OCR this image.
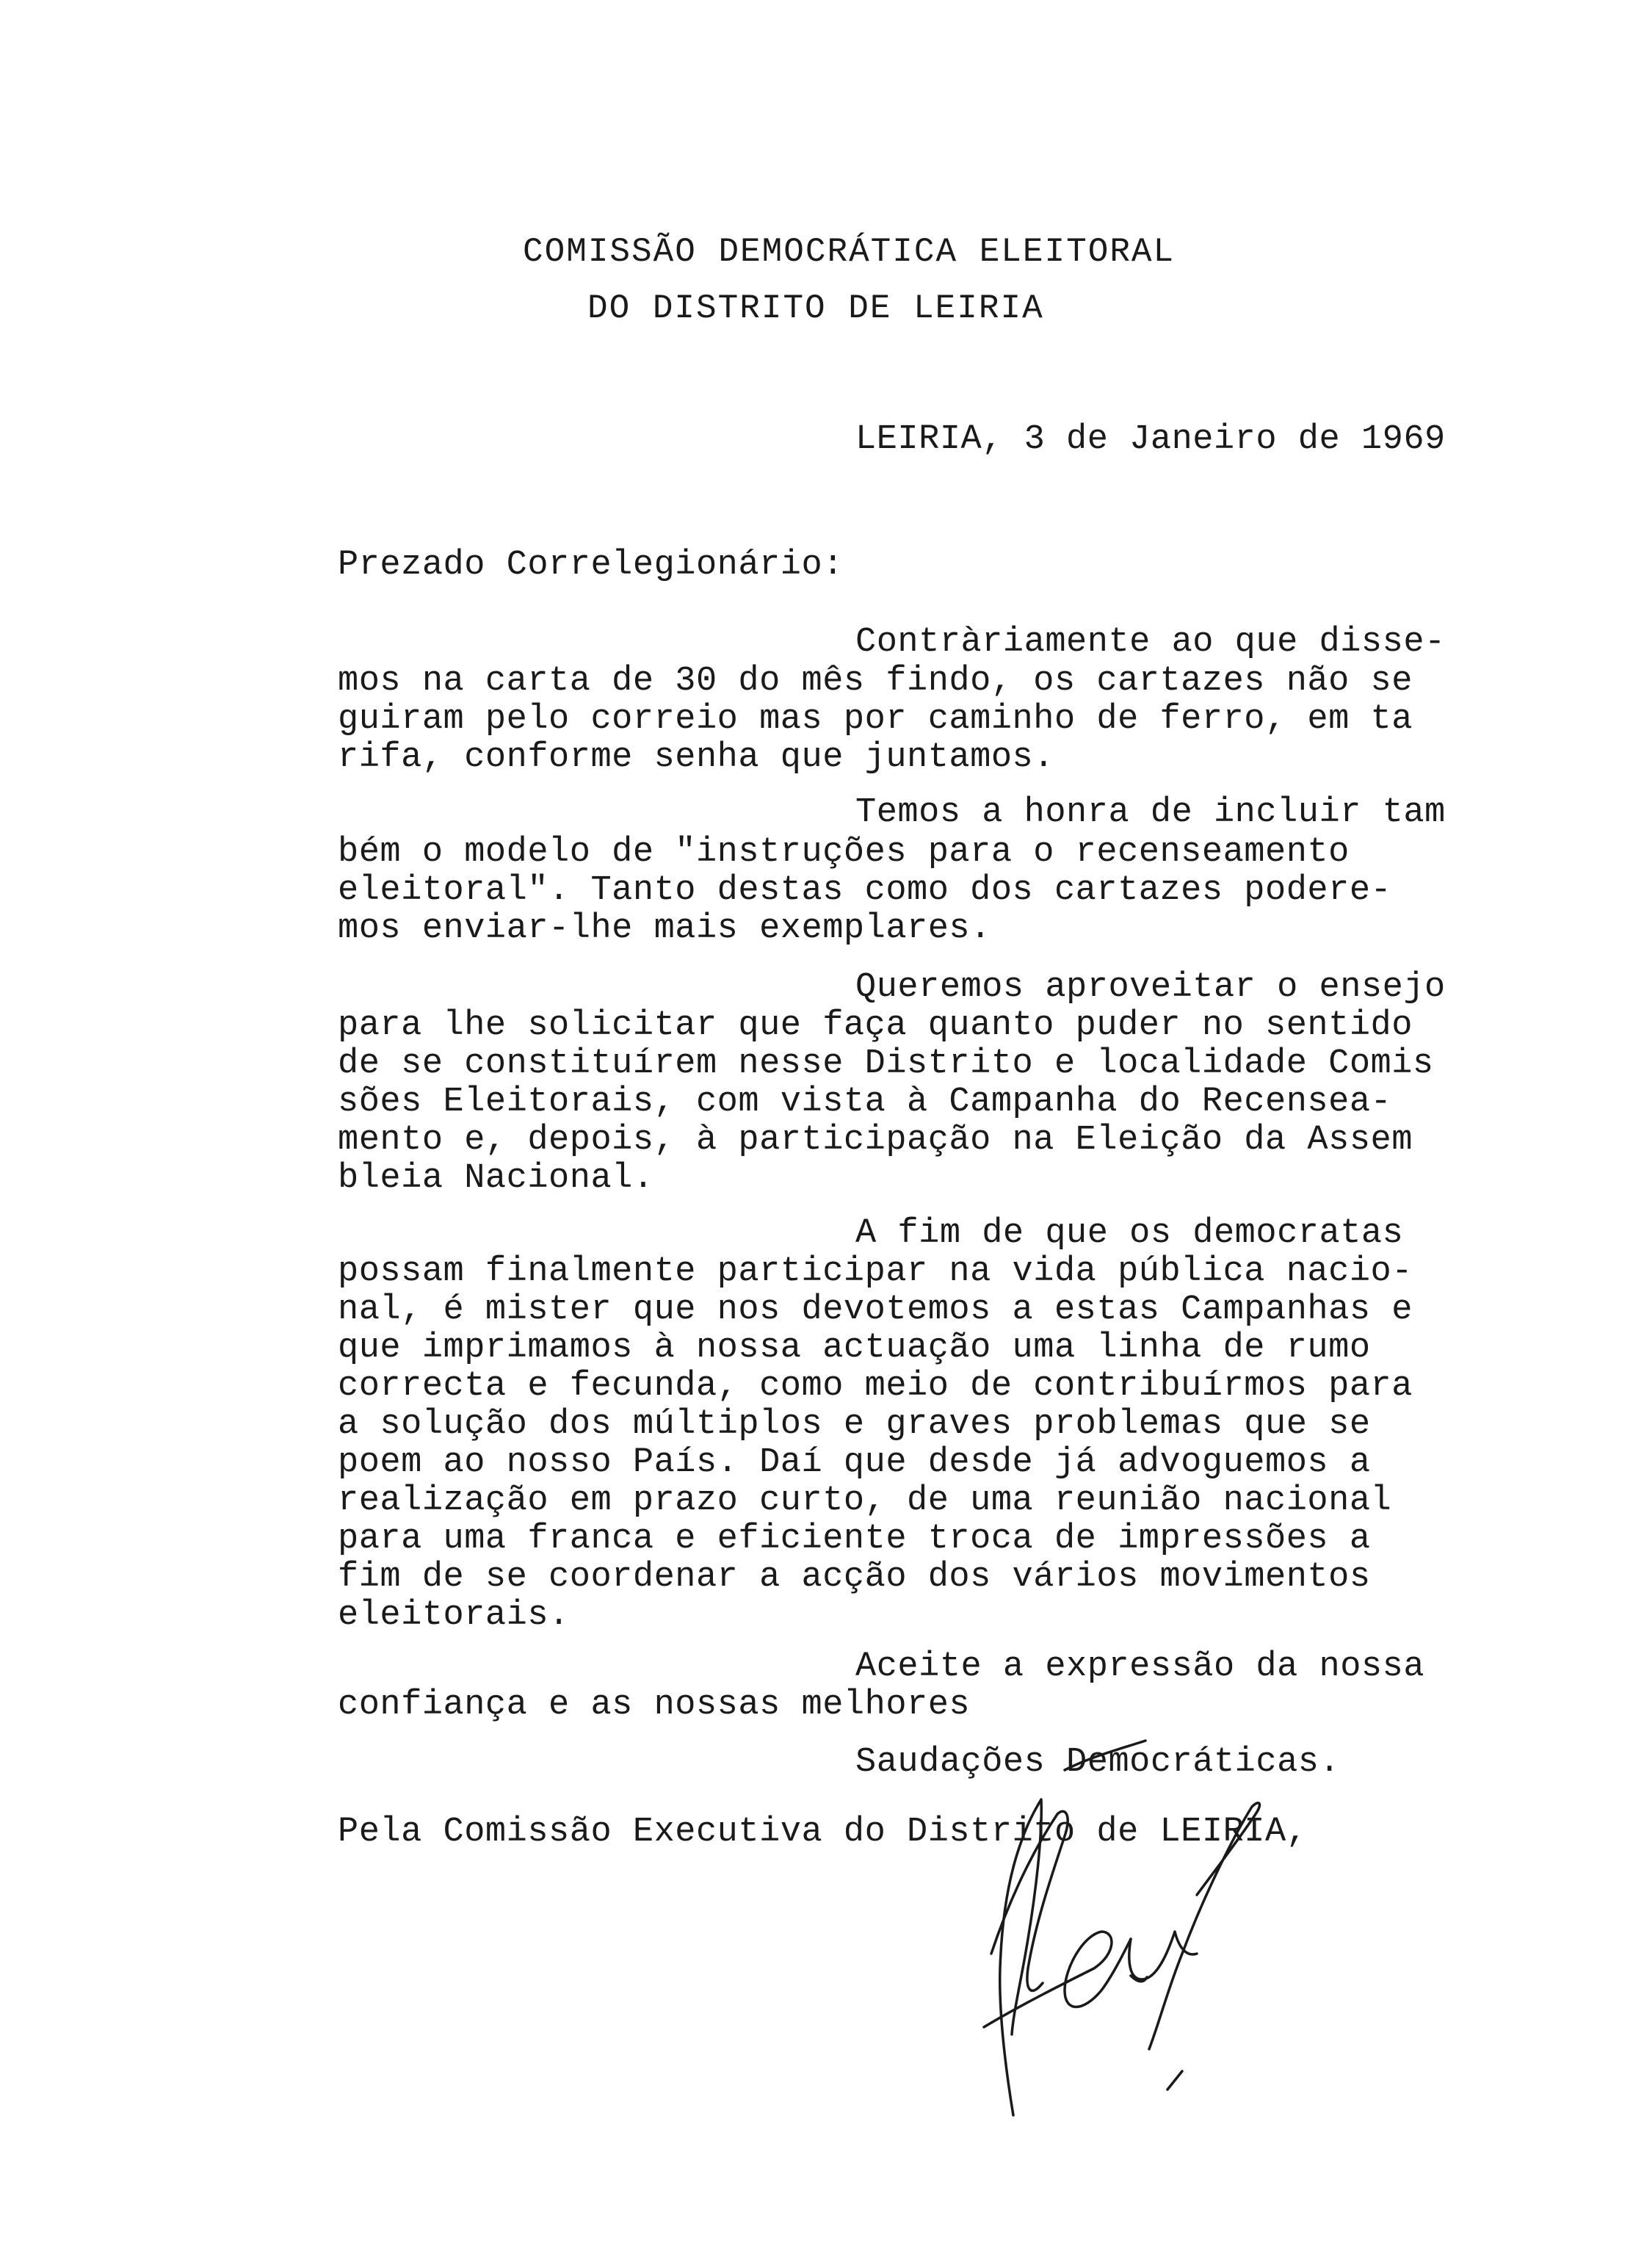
COMISSÃO DEMOCRÁTICA ELEITORAL
DO DISTRITO DE LEIRIA
LEIRIA, 3 de Janeiro de 1969
Prezado Correlegionário:
Contràriamente ao que disse-
mos na carta de 30 do mês findo, os cartazes não se
guiram pelo correio mas por caminho de ferro, em ta
rifa, conforme senha que juntamos.
Temos a honra de incluir tam
bém o modelo de "instruções para o recenseamento
eleitoral". Tanto destas como dos cartazes podere-
mos enviar-lhe mais exemplares.
Queremos aproveitar o ensejo
para lhe solicitar que faça quanto puder no sentido
de se constituírem nesse Distrito e localidade Comis
sões Eleitorais, com vista à Campanha do Recensea-
mento e, depois, à participação na Eleição da Assem
bleia Nacional.
A fim de que os democratas
possam finalmente participar na vida pública nacio-
nal, é mister que nos devotemos a estas Campanhas e
que imprimamos à nossa actuação uma linha de rumo
correcta e fecunda, como meio de contribuírmos para
a solução dos múltiplos e graves problemas que se
poem ao nosso País. Daí que desde já advoguemos a
realização em prazo curto, de uma reunião nacional
para uma franca e eficiente troca de impressões a
fim de se coordenar a acção dos vários movimentos
eleitorais.
Aceite a expressão da nossa
confiança e as nossas melhores
Saudações Democráticas.
Pela Comissão Executiva do Distrito de LEIRIA,
